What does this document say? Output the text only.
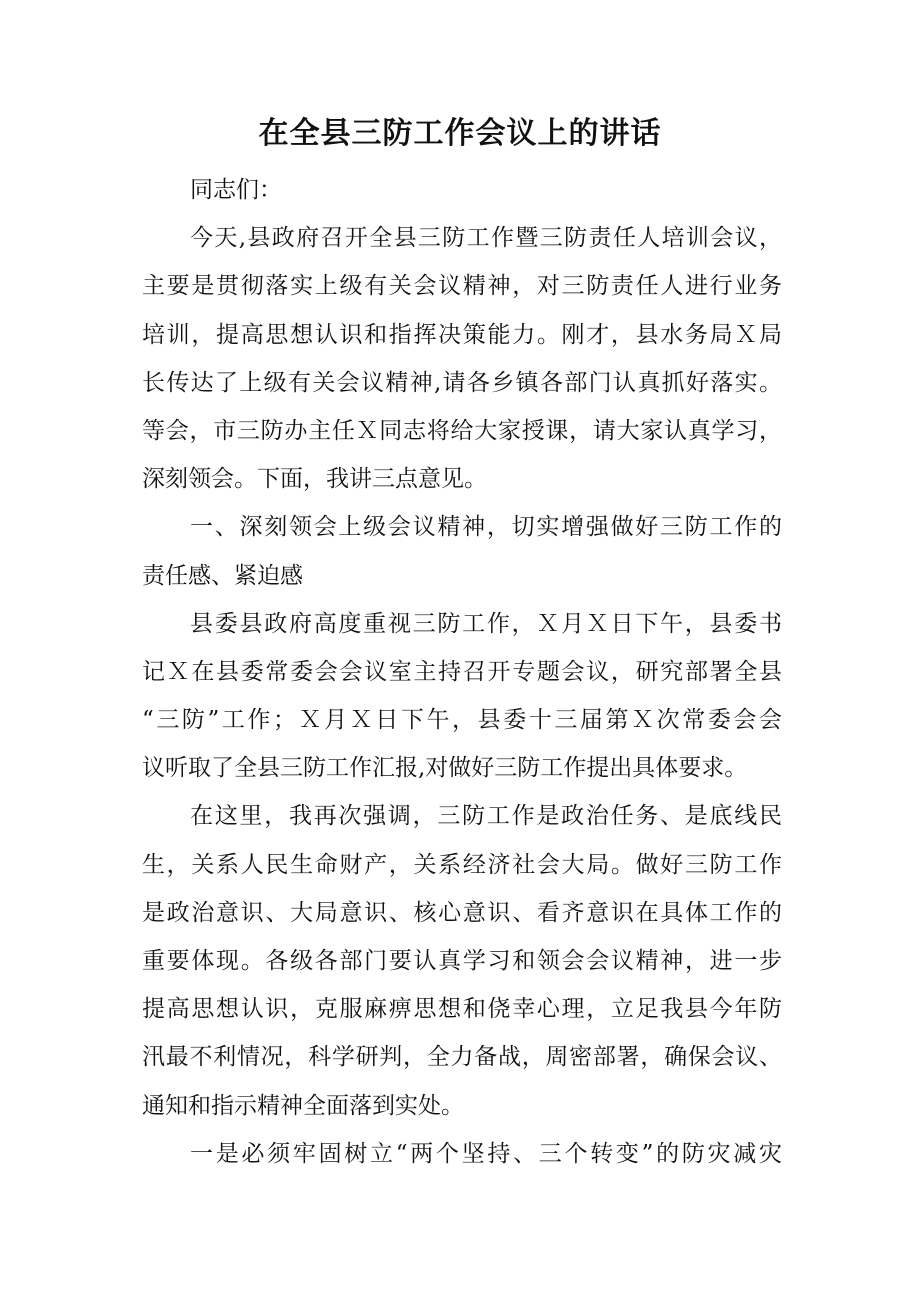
在全县三防工作会议上的讲话
同志们：
今天,县政府召开全县三防工作暨三防责任人培训会议，
主要是贯彻落实上级有关会议精神，对三防责任人进行业务
培训，提高思想认识和指挥决策能力。刚才，县水务局Ｘ局
长传达了上级有关会议精神,请各乡镇各部门认真抓好落实。
等会，市三防办主任Ｘ同志将给大家授课，请大家认真学习，
深刻领会。下面，我讲三点意见。
一、深刻领会上级会议精神，切实增强做好三防工作的
责任感、紧迫感
县委县政府高度重视三防工作，Ｘ月Ｘ日下午，县委书
记Ｘ在县委常委会会议室主持召开专题会议，研究部署全县
“三防”工作；Ｘ月Ｘ日下午，县委十三届第Ｘ次常委会会
议听取了全县三防工作汇报,对做好三防工作提出具体要求。
在这里，我再次强调，三防工作是政治任务、是底线民
生，关系人民生命财产，关系经济社会大局。做好三防工作
是政治意识、大局意识、核心意识、看齐意识在具体工作的
重要体现。各级各部门要认真学习和领会会议精神，进一步
提高思想认识，克服麻痹思想和侥幸心理，立足我县今年防
汛最不利情况，科学研判，全力备战，周密部署，确保会议、
通知和指示精神全面落到实处。
一是必须牢固树立“两个坚持、三个转变”的防灾减灾
